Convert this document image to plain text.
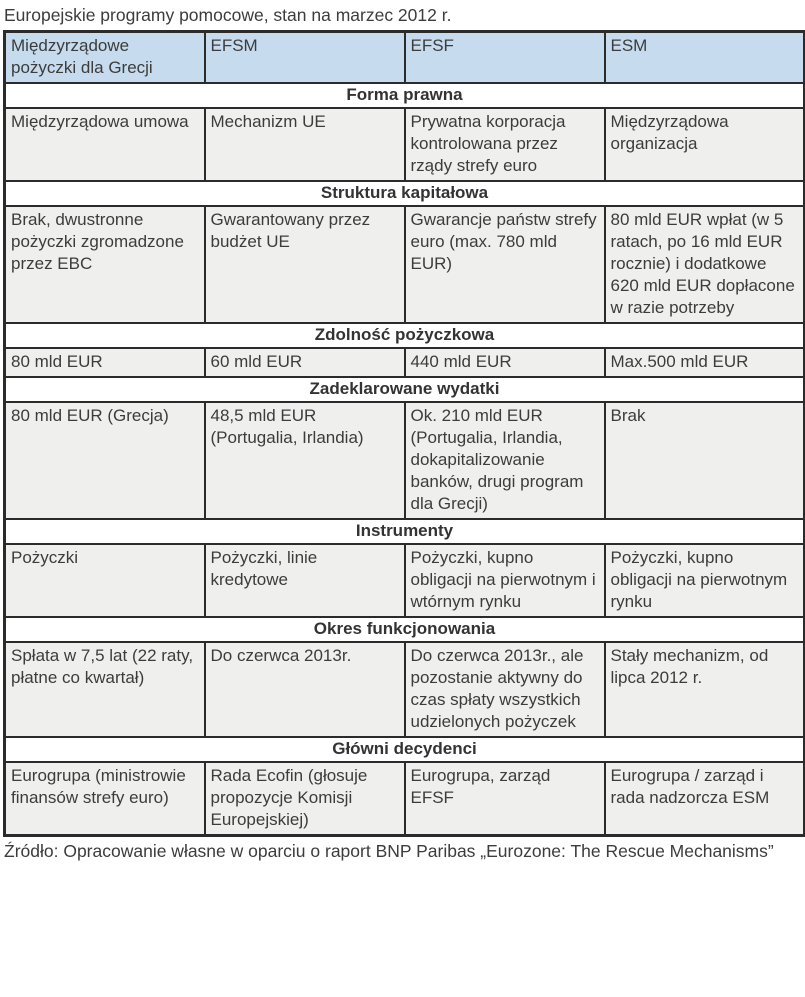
Europejskie programy pomocowe, stan na marzec 2012 r.
Międzyrządowe pożyczki dla Grecji	EFSM	EFSF	ESM
Forma prawna			
Międzyrządowa umowa	Mechanizm UE	Prywatna korporacja kontrolowana przez rządy strefy euro	Międzyrządowa organizacja
Struktura kapitałowa			
Brak, dwustronne pożyczki zgromadzone przez EBC	Gwarantowany przez budżet UE	Gwarancje państw strefy euro (max. 780 mld EUR)	80 mld EUR wpłat (w 5 ratach, po 16 mld EUR rocznie) i dodatkowe 620 mld EUR dopłacone w razie potrzeby
Zdolność pożyczkowa			
80 mld EUR	60 mld EUR	440 mld EUR	Max.500 mld EUR
Zadeklarowane wydatki			
80 mld EUR (Grecja)	48,5 mld EUR (Portugalia, Irlandia)	Ok. 210 mld EUR (Portugalia, Irlandia, dokapitalizowanie banków, drugi program dla Grecji)	Brak
Instrumenty			
Pożyczki	Pożyczki, linie kredytowe	Pożyczki, kupno obligacji na pierwotnym i wtórnym rynku	Pożyczki, kupno obligacji na pierwotnym rynku
Okres funkcjonowania			
Spłata w 7,5 lat (22 raty, płatne co kwartał)	Do czerwca 2013r.	Do czerwca 2013r., ale pozostanie aktywny do czas spłaty wszystkich udzielonych pożyczek	Stały mechanizm, od lipca 2012 r.
Główni decydenci			
Eurogrupa (ministrowie finansów strefy euro)	Rada Ecofin (głosuje propozycje Komisji Europejskiej)	Eurogrupa, zarząd EFSF	Eurogrupa / zarząd i rada nadzorcza ESM
Źródło: Opracowanie własne w oparciu o raport BNP Paribas „Eurozone: The Rescue Mechanisms”
